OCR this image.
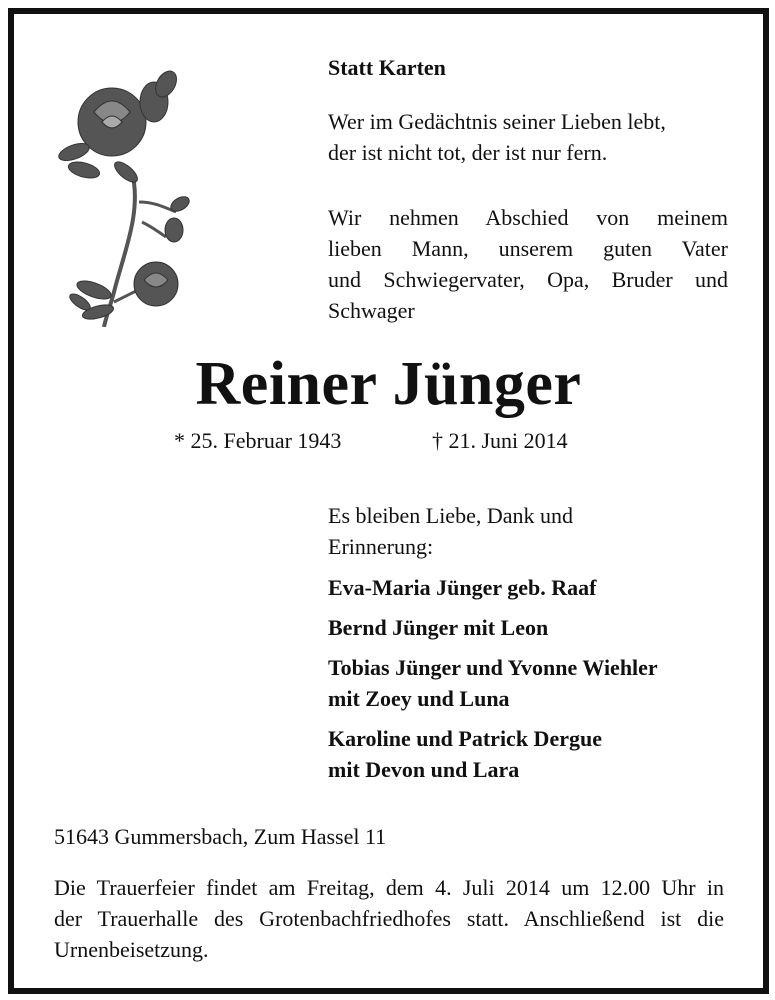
Statt Karten
Wer im Gedächtnis seiner Lieben lebt,
der ist nicht tot, der ist nur fern.
Wir nehmen Abschied von meinem
lieben Mann, unserem guten Vater
und Schwiegervater, Opa, Bruder und
Schwager
Reiner Jünger
* 25. Februar 1943	† 21. Juni 2014
Es bleiben Liebe, Dank und
Erinnerung:
Eva-Maria Jünger geb. Raaf
Bernd Jünger mit Leon
Tobias Jünger und Yvonne Wiehler
mit Zoey und Luna
Karoline und Patrick Dergue
mit Devon und Lara
51643 Gummersbach, Zum Hassel 11
Die Trauerfeier findet am Freitag, dem 4. Juli 2014 um 12.00 Uhr in
der Trauerhalle des Grotenbachfriedhofes statt. Anschließend ist die
Urnenbeisetzung.
